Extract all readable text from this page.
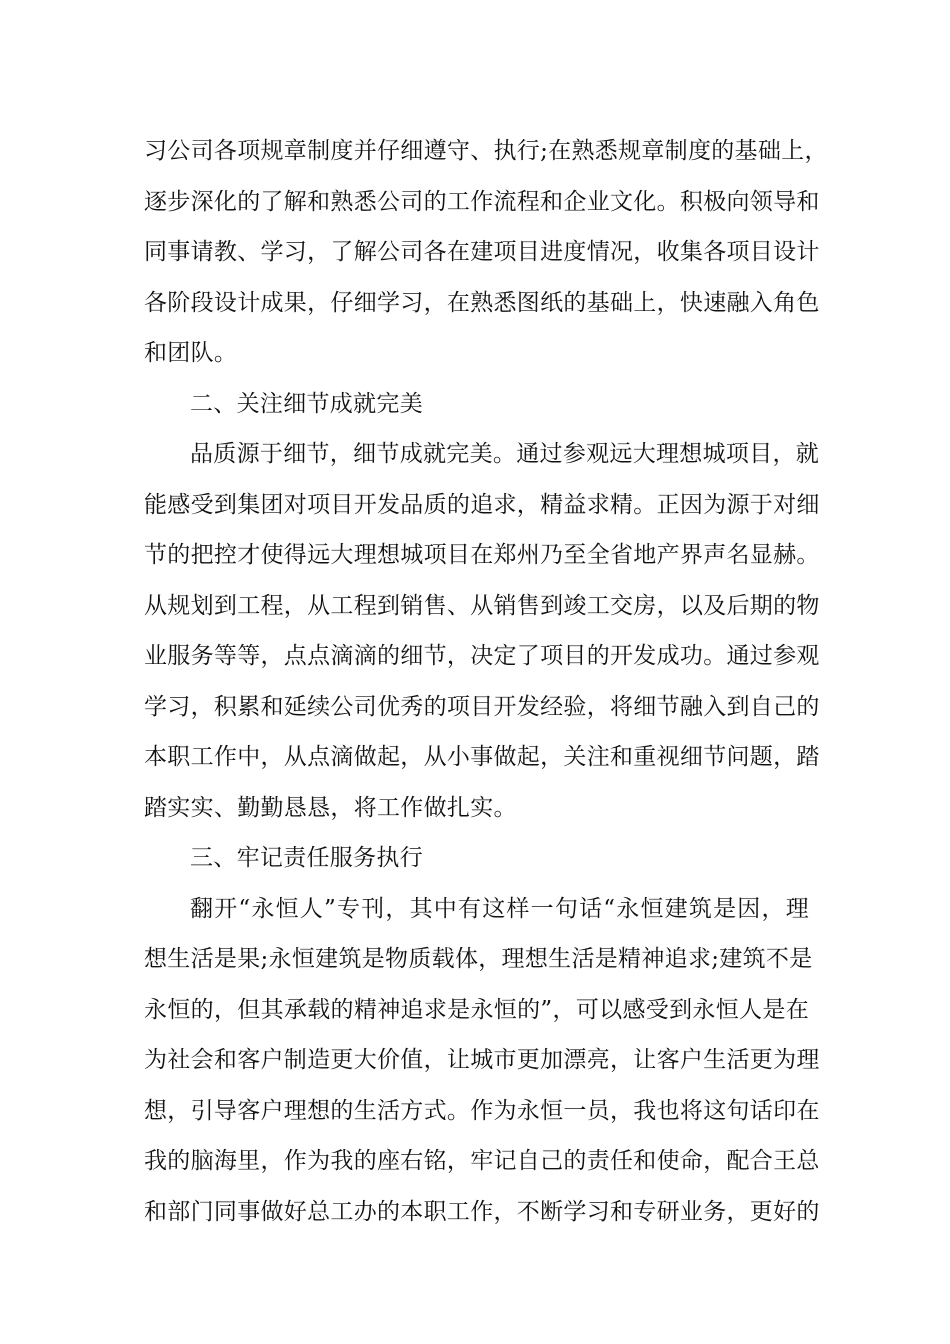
习公司各项规章制度并仔细遵守、执行;在熟悉规章制度的基础上，
逐步深化的了解和熟悉公司的工作流程和企业文化。积极向领导和
同事请教、学习，了解公司各在建项目进度情况，收集各项目设计
各阶段设计成果，仔细学习，在熟悉图纸的基础上，快速融入角色
和团队。
二、关注细节成就完美
品质源于细节，细节成就完美。通过参观远大理想城项目，就
能感受到集团对项目开发品质的追求，精益求精。正因为源于对细
节的把控才使得远大理想城项目在郑州乃至全省地产界声名显赫。
从规划到工程，从工程到销售、从销售到竣工交房，以及后期的物
业服务等等，点点滴滴的细节，决定了项目的开发成功。通过参观
学习，积累和延续公司优秀的项目开发经验，将细节融入到自己的
本职工作中，从点滴做起，从小事做起，关注和重视细节问题，踏
踏实实、勤勤恳恳，将工作做扎实。
三、牢记责任服务执行
翻开“永恒人”专刊，其中有这样一句话“永恒建筑是因，理
想生活是果;永恒建筑是物质载体，理想生活是精神追求;建筑不是
永恒的，但其承载的精神追求是永恒的”，可以感受到永恒人是在
为社会和客户制造更大价值，让城市更加漂亮，让客户生活更为理
想，引导客户理想的生活方式。作为永恒一员，我也将这句话印在
我的脑海里，作为我的座右铭，牢记自己的责任和使命，配合王总
和部门同事做好总工办的本职工作，不断学习和专研业务，更好的
